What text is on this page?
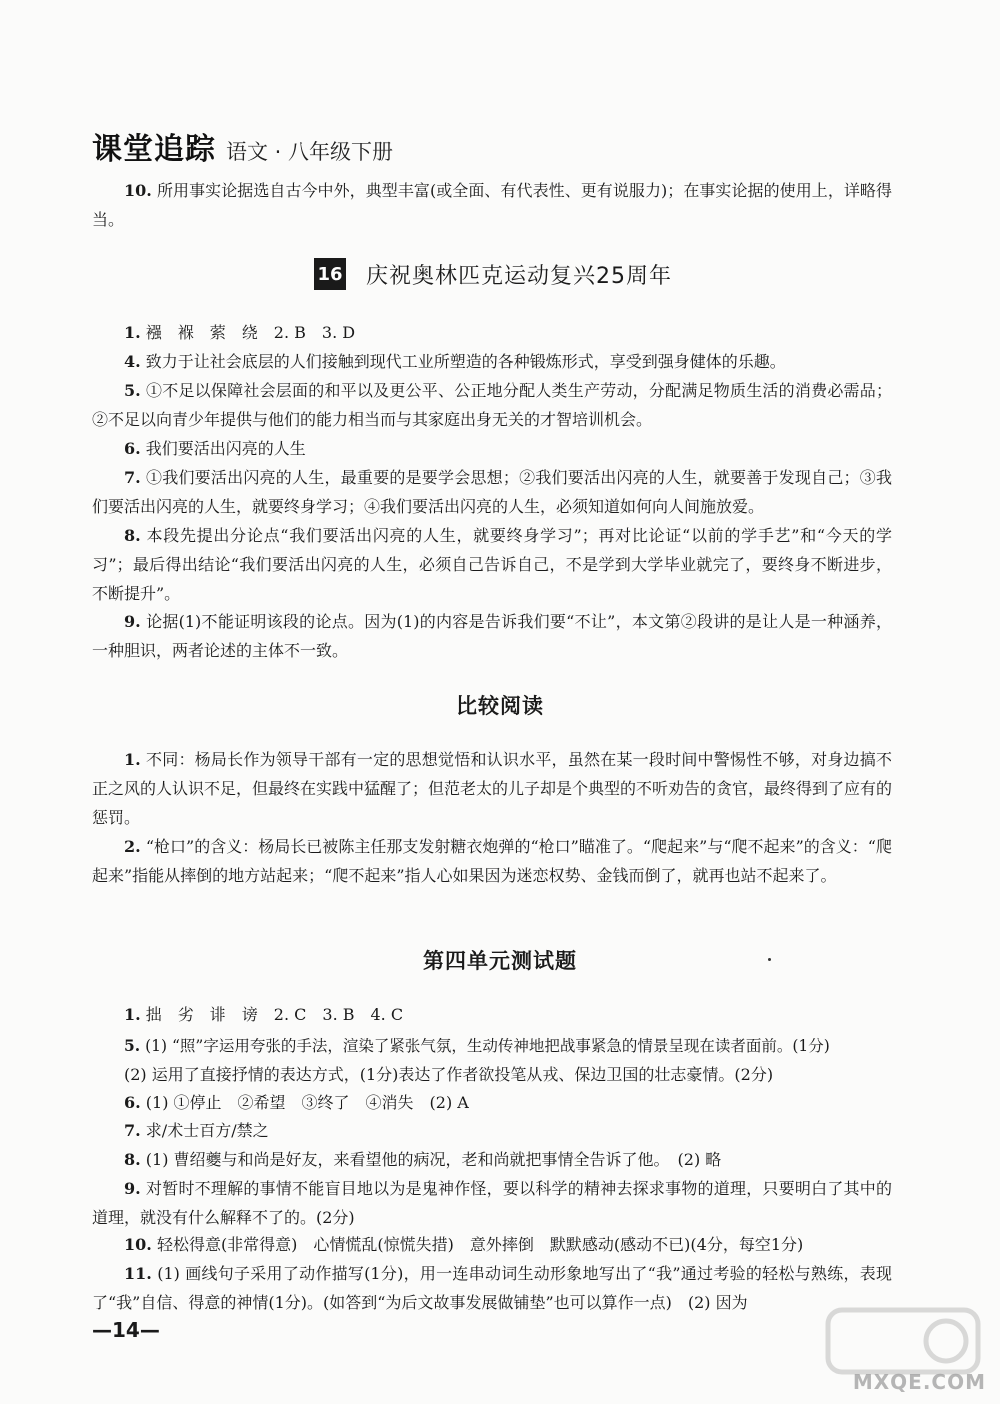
课堂追踪 语文 · 八年级下册
10. 所用事实论据选自古今中外，典型丰富(或全面、有代表性、更有说服力)；在事实论据的使用上，详略得当。
16 庆祝奥林匹克运动复兴25周年
1. 襁　褓　萦　绕　2. B　3. D
4. 致力于让社会底层的人们接触到现代工业所塑造的各种锻炼形式，享受到强身健体的乐趣。
5. ①不足以保障社会层面的和平以及更公平、公正地分配人类生产劳动，分配满足物质生活的消费必需品；②不足以向青少年提供与他们的能力相当而与其家庭出身无关的才智培训机会。
6. 我们要活出闪亮的人生
7. ①我们要活出闪亮的人生，最重要的是要学会思想；②我们要活出闪亮的人生，就要善于发现自己；③我们要活出闪亮的人生，就要终身学习；④我们要活出闪亮的人生，必须知道如何向人间施放爱。
8. 本段先提出分论点“我们要活出闪亮的人生，就要终身学习”；再对比论证“以前的学手艺”和“今天的学习”；最后得出结论“我们要活出闪亮的人生，必须自己告诉自己，不是学到大学毕业就完了，要终身不断进步，不断提升”。
9. 论据(1)不能证明该段的论点。因为(1)的内容是告诉我们要“不让”，本文第②段讲的是让人是一种涵养，一种胆识，两者论述的主体不一致。
比较阅读
1. 不同：杨局长作为领导干部有一定的思想觉悟和认识水平，虽然在某一段时间中警惕性不够，对身边搞不正之风的人认识不足，但最终在实践中猛醒了；但范老太的儿子却是个典型的不听劝告的贪官，最终得到了应有的惩罚。
2. “枪口”的含义：杨局长已被陈主任那支发射糖衣炮弹的“枪口”瞄准了。“爬起来”与“爬不起来”的含义：“爬起来”指能从摔倒的地方站起来；“爬不起来”指人心如果因为迷恋权势、金钱而倒了，就再也站不起来了。
第四单元测试题
1. 拙　劣　诽　谤　2. C　3. B　4. C
5. (1) “照”字运用夸张的手法，渲染了紧张气氛，生动传神地把战事紧急的情景呈现在读者面前。(1分)
(2) 运用了直接抒情的表达方式，(1分)表达了作者欲投笔从戎、保边卫国的壮志豪情。(2分)
6. (1) ①停止　②希望　③终了　④消失　(2) A
7. 求/术士百方/禁之
8. (1) 曹绍夔与和尚是好友，来看望他的病况，老和尚就把事情全告诉了他。　(2) 略
9. 对暂时不理解的事情不能盲目地以为是鬼神作怪，要以科学的精神去探求事物的道理，只要明白了其中的道理，就没有什么解释不了的。(2分)
10. 轻松得意(非常得意)　心情慌乱(惊慌失措)　意外摔倒　默默感动(感动不已)(4分，每空1分)
11. (1) 画线句子采用了动作描写(1分)，用一连串动词生动形象地写出了“我”通过考验的轻松与熟练，表现了“我”自信、得意的神情(1分)。(如答到“为后文故事发展做铺垫”也可以算作一点)　(2) 因为
—14—
MXQE.COM
